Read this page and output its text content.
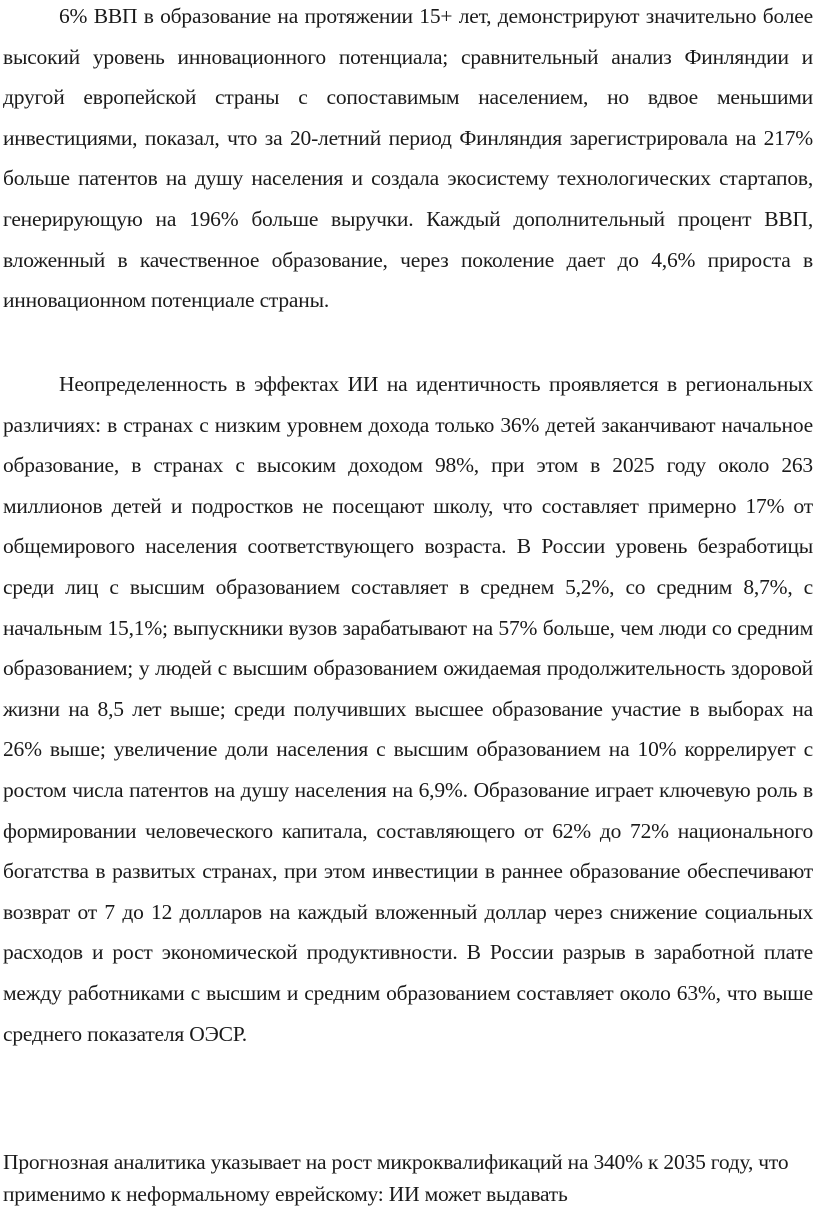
6% ВВП в образование на протяжении 15+ лет, демонстрируют значительно более высокий уровень инновационного потенциала; сравнительный анализ Финляндии и другой европейской страны с сопоставимым населением, но вдвое меньшими инвестициями, показал, что за 20-летний период Финляндия зарегистрировала на 217% больше патентов на душу населения и создала экосистему технологических стартапов, генерирующую на 196% больше выручки. Каждый дополнительный процент ВВП, вложенный в качественное образование, через поколение дает до 4,6% прироста в инновационном потенциале страны.

Неопределенность в эффектах ИИ на идентичность проявляется в региональных различиях: в странах с низким уровнем дохода только 36% детей заканчивают начальное образование, в странах с высоким доходом 98%, при этом в 2025 году около 263 миллионов детей и подростков не посещают школу, что составляет примерно 17% от общемирового населения соответствующего возраста. В России уровень безработицы среди лиц с высшим образованием составляет в среднем 5,2%, со средним 8,7%, с начальным 15,1%; выпускники вузов зарабатывают на 57% больше, чем люди со средним образованием; у людей с высшим образованием ожидаемая продолжительность здоровой жизни на 8,5 лет выше; среди получивших высшее образование участие в выборах на 26% выше; увеличение доли населения с высшим образованием на 10% коррелирует с ростом числа патентов на душу населения на 6,9%. Образование играет ключевую роль в формировании человеческого капитала, составляющего от 62% до 72% национального богатства в развитых странах, при этом инвестиции в раннее образование обеспечивают возврат от 7 до 12 долларов на каждый вложенный доллар через снижение социальных расходов и рост экономической продуктивности. В России разрыв в заработной плате между работниками с высшим и средним образованием составляет около 63%, что выше среднего показателя ОЭСР.

Прогнозная аналитика указывает на рост микроквалификаций на 340% к 2035 году, что применимо к неформальному еврейскому: ИИ может выдавать
